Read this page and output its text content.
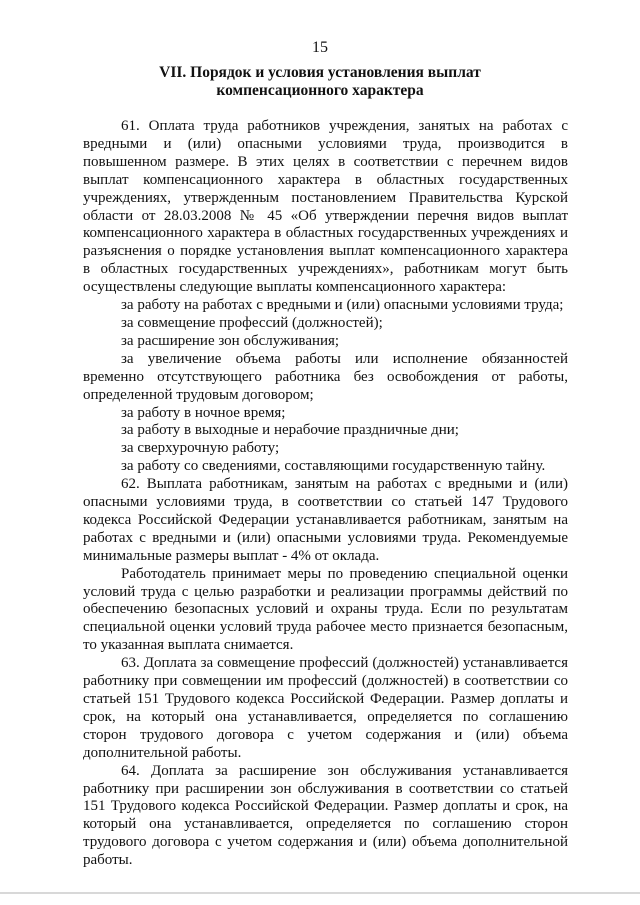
15
VII. Порядок и условия установления выплат
компенсационного характера

61. Оплата труда работников учреждения, занятых на работах с вредными и (или) опасными условиями труда, производится в повышенном размере. В этих целях в соответствии с перечнем видов выплат компенсационного характера в областных государственных учреждениях, утвержденным постановлением Правительства Курской области от 28.03.2008 № 45 «Об утверждении перечня видов выплат компенсационного характера в областных государственных учреждениях и разъяснения о порядке установления выплат компенсационного характера в областных государственных учреждениях», работникам могут быть осуществлены следующие выплаты компенсационного характера:

за работу на работах с вредными и (или) опасными условиями труда;

за совмещение профессий (должностей);

за расширение зон обслуживания;

за увеличение объема работы или исполнение обязанностей временно отсутствующего работника без освобождения от работы, определенной трудовым договором;

за работу в ночное время;

за работу в выходные и нерабочие праздничные дни;

за сверхурочную работу;

за работу со сведениями, составляющими государственную тайну.

62. Выплата работникам, занятым на работах с вредными и (или) опасными условиями труда, в соответствии со статьей 147 Трудового кодекса Российской Федерации устанавливается работникам, занятым на работах с вредными и (или) опасными условиями труда. Рекомендуемые минимальные размеры выплат - 4% от оклада.

Работодатель принимает меры по проведению специальной оценки условий труда с целью разработки и реализации программы действий по обеспечению безопасных условий и охраны труда. Если по результатам специальной оценки условий труда рабочее место признается безопасным, то указанная выплата снимается.

63. Доплата за совмещение профессий (должностей) устанавливается работнику при совмещении им профессий (должностей) в соответствии со статьей 151 Трудового кодекса Российской Федерации. Размер доплаты и срок, на который она устанавливается, определяется по соглашению сторон трудового договора с учетом содержания и (или) объема дополнительной работы.

64. Доплата за расширение зон обслуживания устанавливается работнику при расширении зон обслуживания в соответствии со статьей 151 Трудового кодекса Российской Федерации. Размер доплаты и срок, на который она устанавливается, определяется по соглашению сторон трудового договора с учетом содержания и (или) объема дополнительной работы.
